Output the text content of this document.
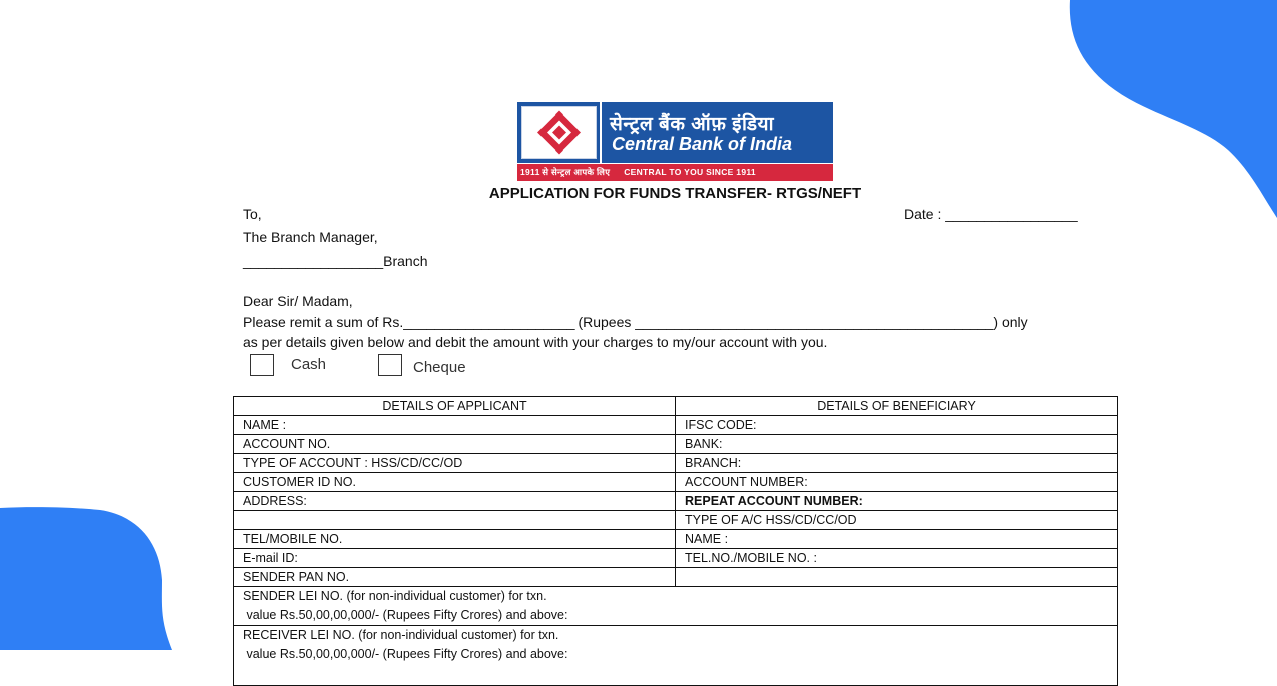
सेन्ट्रल बैंक ऑफ़ इंडिया
Central Bank of India
1911 से सेन्ट्रल आपके लिए CENTRAL TO YOU SINCE 1911
APPLICATION FOR FUNDS TRANSFER- RTGS/NEFT
To,	Date : _________________
The Branch Manager,
__________________Branch
Dear Sir/ Madam,
Please remit a sum of Rs.______________________ (Rupees ______________________________________________) only
as per details given below and debit the amount with your charges to my/our account with you.
Cash	Cheque
DETAILS OF APPLICANT	DETAILS OF BENEFICIARY
NAME :	IFSC CODE:
ACCOUNT NO.	BANK:
TYPE OF ACCOUNT : HSS/CD/CC/OD	BRANCH:
CUSTOMER ID NO.	ACCOUNT NUMBER:
ADDRESS:	REPEAT ACCOUNT NUMBER:
	TYPE OF A/C HSS/CD/CC/OD
TEL/MOBILE NO.	NAME :
E-mail ID:	TEL.NO./MOBILE NO. :
SENDER PAN NO.	

SENDER LEI NO. (for non-individual customer) for txn.
value Rs.50,00,00,000/- (Rupees Fifty Crores) and above:	

RECEIVER LEI NO. (for non-individual customer) for txn.
value Rs.50,00,00,000/- (Rupees Fifty Crores) and above:	
